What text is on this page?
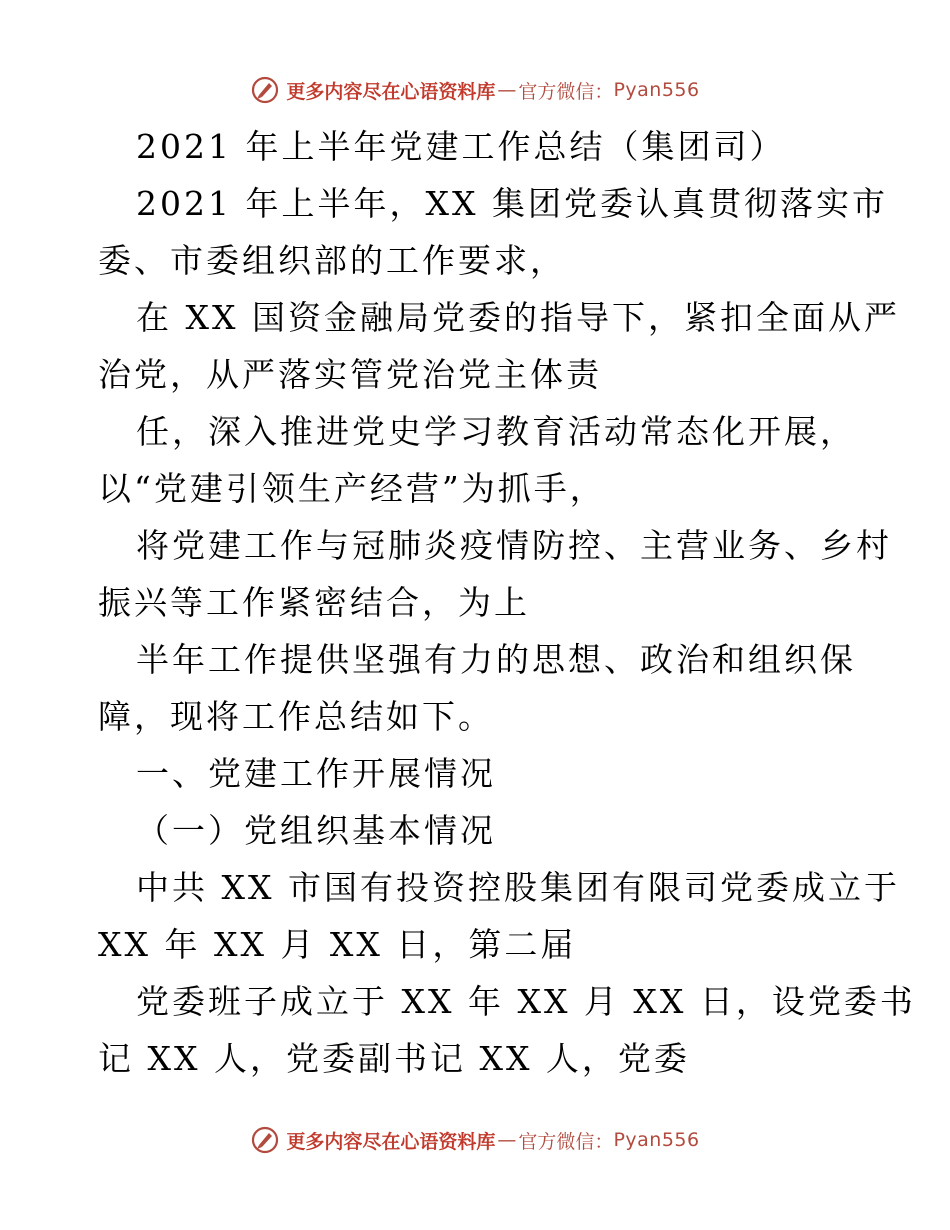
更多内容尽在心语资料库 — 官方微信： Pyan556
2021 年上半年党建工作总结（集团司）
2021 年上半年，XX 集团党委认真贯彻落实市
委、市委组织部的工作要求，
在 XX 国资金融局党委的指导下，紧扣全面从严
治党，从严落实管党治党主体责
任，深入推进党史学习教育活动常态化开展，
以“党建引领生产经营”为抓手，
将党建工作与冠肺炎疫情防控、主营业务、乡村
振兴等工作紧密结合，为上
半年工作提供坚强有力的思想、政治和组织保
障，现将工作总结如下。
一、党建工作开展情况
（一）党组织基本情况
中共 XX 市国有投资控股集团有限司党委成立于
XX 年 XX 月 XX 日，第二届
党委班子成立于 XX 年 XX 月 XX 日，设党委书
记 XX 人，党委副书记 XX 人，党委
更多内容尽在心语资料库 — 官方微信： Pyan556
